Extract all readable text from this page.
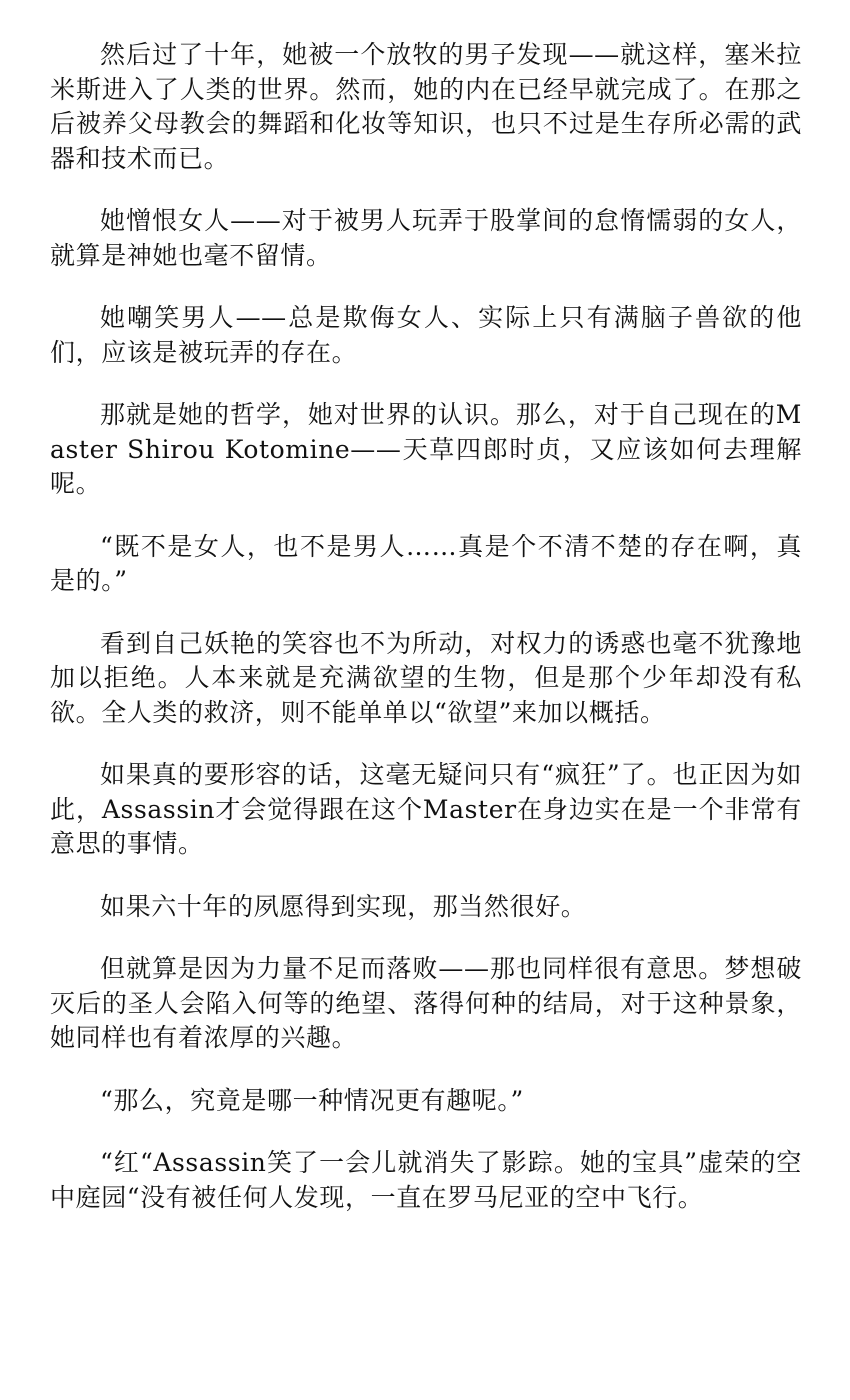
然后过了十年，她被一个放牧的男子发现——就这样，塞米拉米斯进入了人类的世界。然而，她的内在已经早就完成了。在那之后被养父母教会的舞蹈和化妆等知识，也只不过是生存所必需的武器和技术而已。

她憎恨女人——对于被男人玩弄于股掌间的怠惰懦弱的女人，就算是神她也毫不留情。

她嘲笑男人——总是欺侮女人、实际上只有满脑子兽欲的他们，应该是被玩弄的存在。

那就是她的哲学，她对世界的认识。那么，对于自己现在的Master Shirou Kotomine——天草四郎时贞，又应该如何去理解呢。

“既不是女人，也不是男人……真是个不清不楚的存在啊，真是的。”

看到自己妖艳的笑容也不为所动，对权力的诱惑也毫不犹豫地加以拒绝。人本来就是充满欲望的生物，但是那个少年却没有私欲。全人类的救济，则不能单单以“欲望”来加以概括。

如果真的要形容的话，这毫无疑问只有“疯狂”了。也正因为如此，Assassin才会觉得跟在这个Master在身边实在是一个非常有意思的事情。

如果六十年的夙愿得到实现，那当然很好。

但就算是因为力量不足而落败——那也同样很有意思。梦想破灭后的圣人会陷入何等的绝望、落得何种的结局，对于这种景象，她同样也有着浓厚的兴趣。

“那么，究竟是哪一种情况更有趣呢。”

“红“Assassin笑了一会儿就消失了影踪。她的宝具”虚荣的空中庭园“没有被任何人发现，一直在罗马尼亚的空中飞行。
